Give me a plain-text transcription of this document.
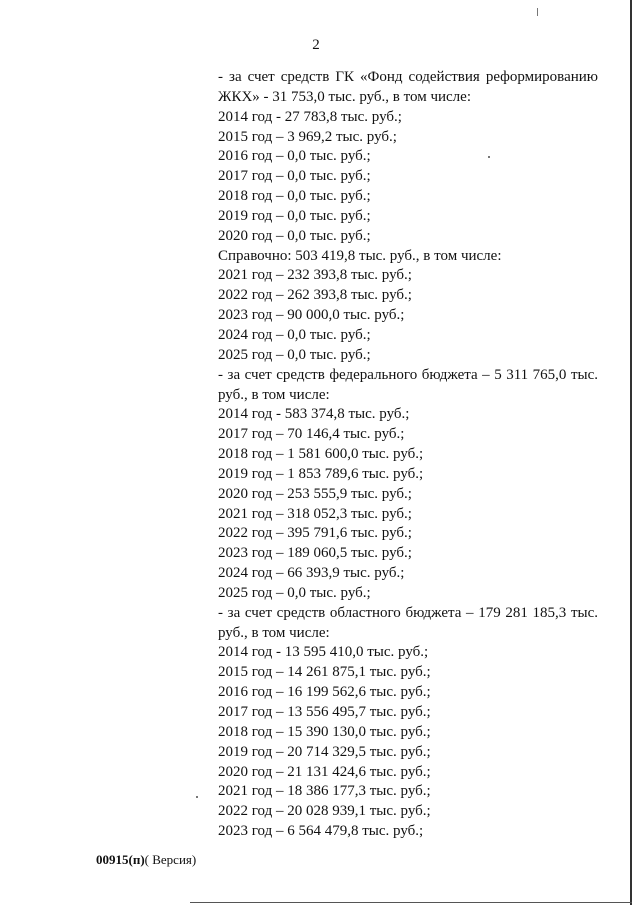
2
- за счет средств ГК «Фонд содействия реформированию
ЖКХ» - 31 753,0 тыс. руб., в том числе:
2014 год - 27 783,8 тыс. руб.;
2015 год – 3 969,2 тыс. руб.;
2016 год – 0,0 тыс. руб.;
2017 год – 0,0 тыс. руб.;
2018 год – 0,0 тыс. руб.;
2019 год – 0,0 тыс. руб.;
2020 год – 0,0 тыс. руб.;
Справочно: 503 419,8 тыс. руб., в том числе:
2021 год – 232 393,8 тыс. руб.;
2022 год – 262 393,8 тыс. руб.;
2023 год – 90 000,0 тыс. руб.;
2024 год – 0,0 тыс. руб.;
2025 год – 0,0 тыс. руб.;
- за счет средств федерального бюджета – 5 311 765,0 тыс.
руб., в том числе:
2014 год - 583 374,8 тыс. руб.;
2017 год – 70 146,4 тыс. руб.;
2018 год – 1 581 600,0 тыс. руб.;
2019 год – 1 853 789,6 тыс. руб.;
2020 год – 253 555,9 тыс. руб.;
2021 год – 318 052,3 тыс. руб.;
2022 год – 395 791,6 тыс. руб.;
2023 год – 189 060,5 тыс. руб.;
2024 год – 66 393,9 тыс. руб.;
2025 год – 0,0 тыс. руб.;
- за счет средств областного бюджета – 179 281 185,3 тыс.
руб., в том числе:
2014 год - 13 595 410,0 тыс. руб.;
2015 год – 14 261 875,1 тыс. руб.;
2016 год – 16 199 562,6 тыс. руб.;
2017 год – 13 556 495,7 тыс. руб.;
2018 год – 15 390 130,0 тыс. руб.;
2019 год – 20 714 329,5 тыс. руб.;
2020 год – 21 131 424,6 тыс. руб.;
2021 год – 18 386 177,3 тыс. руб.;
2022 год – 20 028 939,1 тыс. руб.;
2023 год – 6 564 479,8 тыс. руб.;
00915(п)( Версия)
